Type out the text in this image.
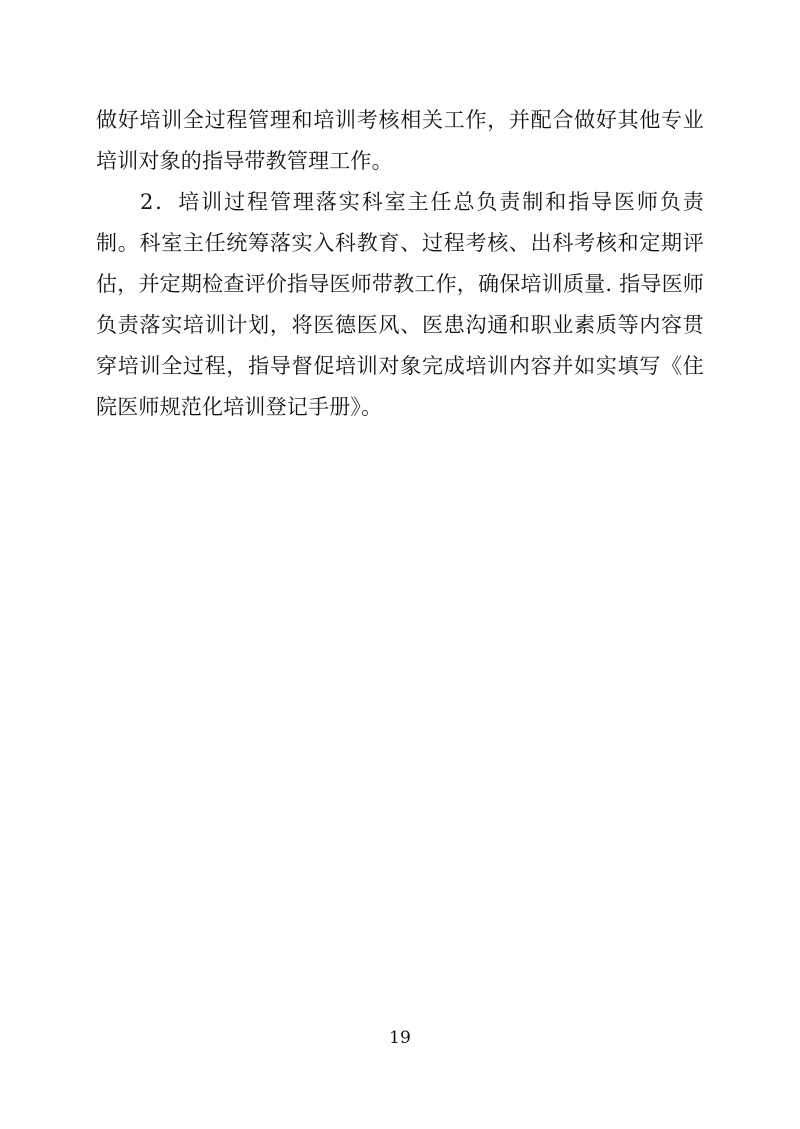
做好培训全过程管理和培训考核相关工作，并配合做好其他专业培训对象的指导带教管理工作。

2．培训过程管理落实科室主任总负责制和指导医师负责制。科室主任统筹落实入科教育、过程考核、出科考核和定期评估，并定期检查评价指导医师带教工作，确保培训质量. 指导医师负责落实培训计划，将医德医风、医患沟通和职业素质等内容贯穿培训全过程，指导督促培训对象完成培训内容并如实填写《住院医师规范化培训登记手册》。

19
